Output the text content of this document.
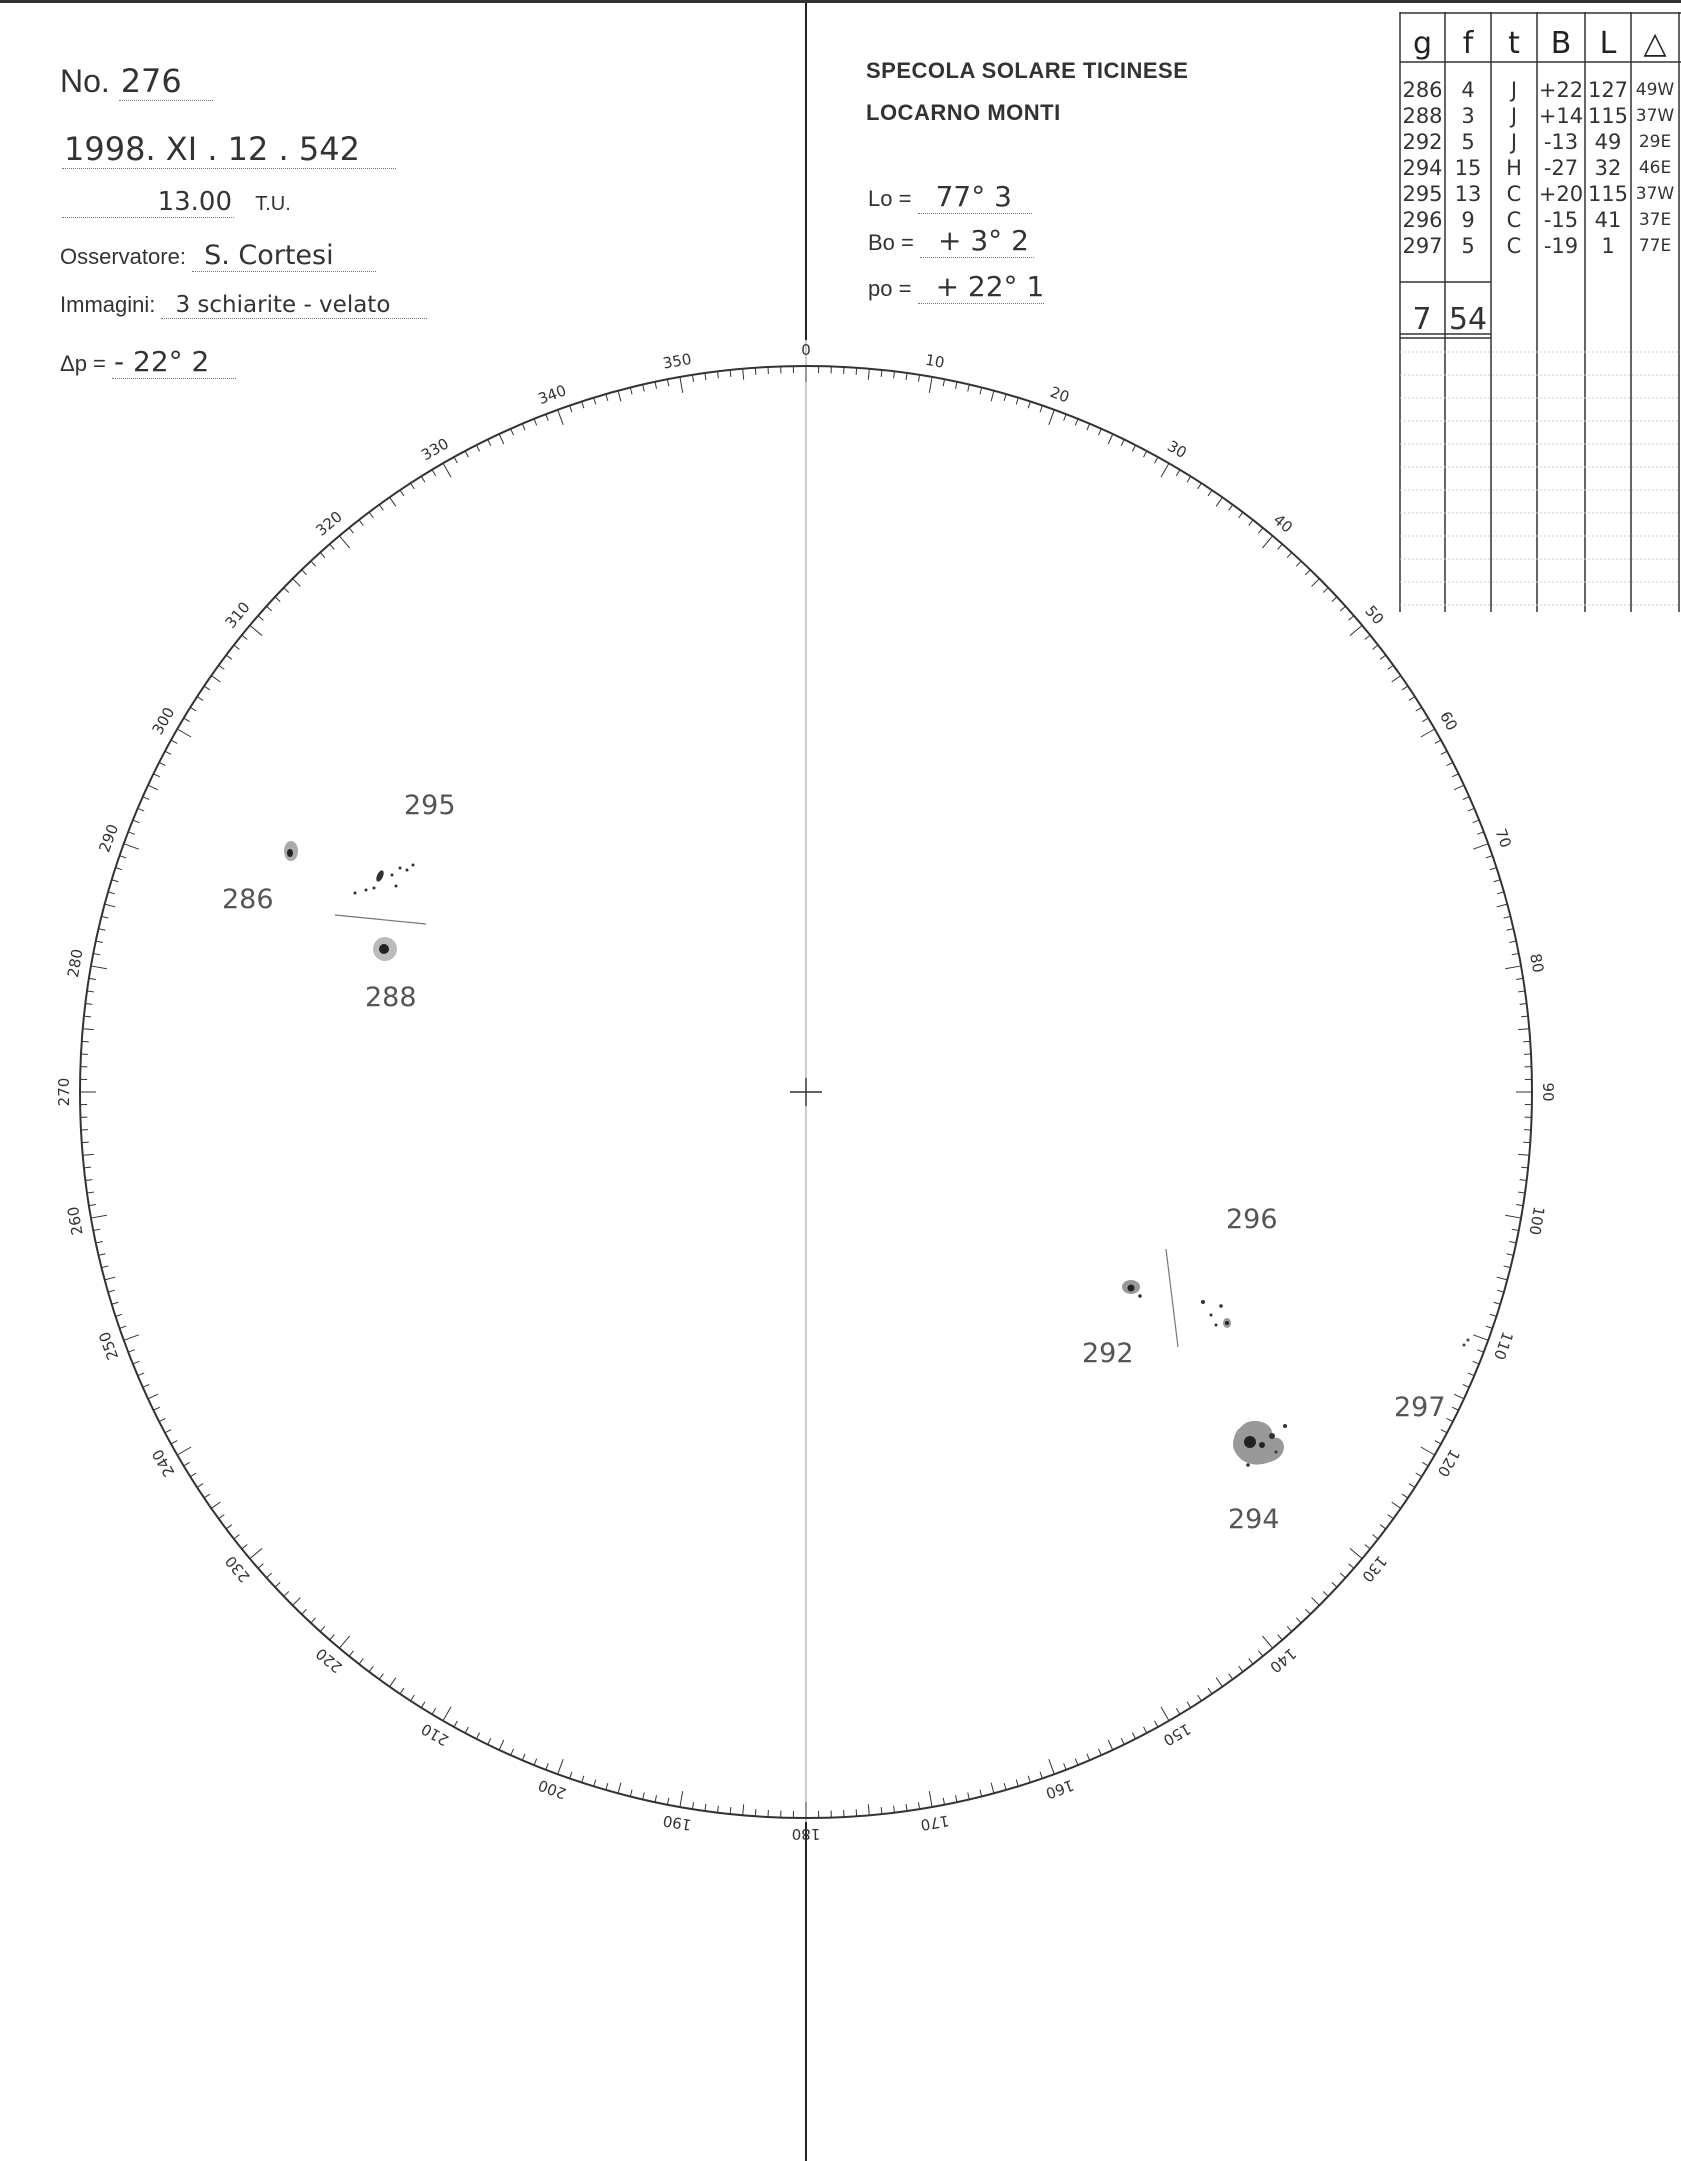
0
10
20
30
40
50
60
70
80
90
100
110
120
130
140
150
160
170
180
190
200
210
220
230
240
250
260
270
280
290
300
310
320
330
340
350
No. 276
1998. XI . 12 . 542
13.00 T.U.
Osservatore: S. Cortesi
Immagini: 3 schiarite - velato
Δp = - 22° 2
SPECOLA SOLARE TICINESE
LOCARNO MONTI
Lo = 77° 3
Bo = + 3° 2
po = + 22° 1
g	f	t	B L △
286 4	J	+22 127 49W
288 3	J	+14 115 37W
292 5	J	-13 49	29E
294 15	H	-27 32	46E
295 13	C +20 115 37W
296 9	C	-15 41	37E
297 5	C	-19	1	77E
7 54
286
288
295
296
292
297
294
